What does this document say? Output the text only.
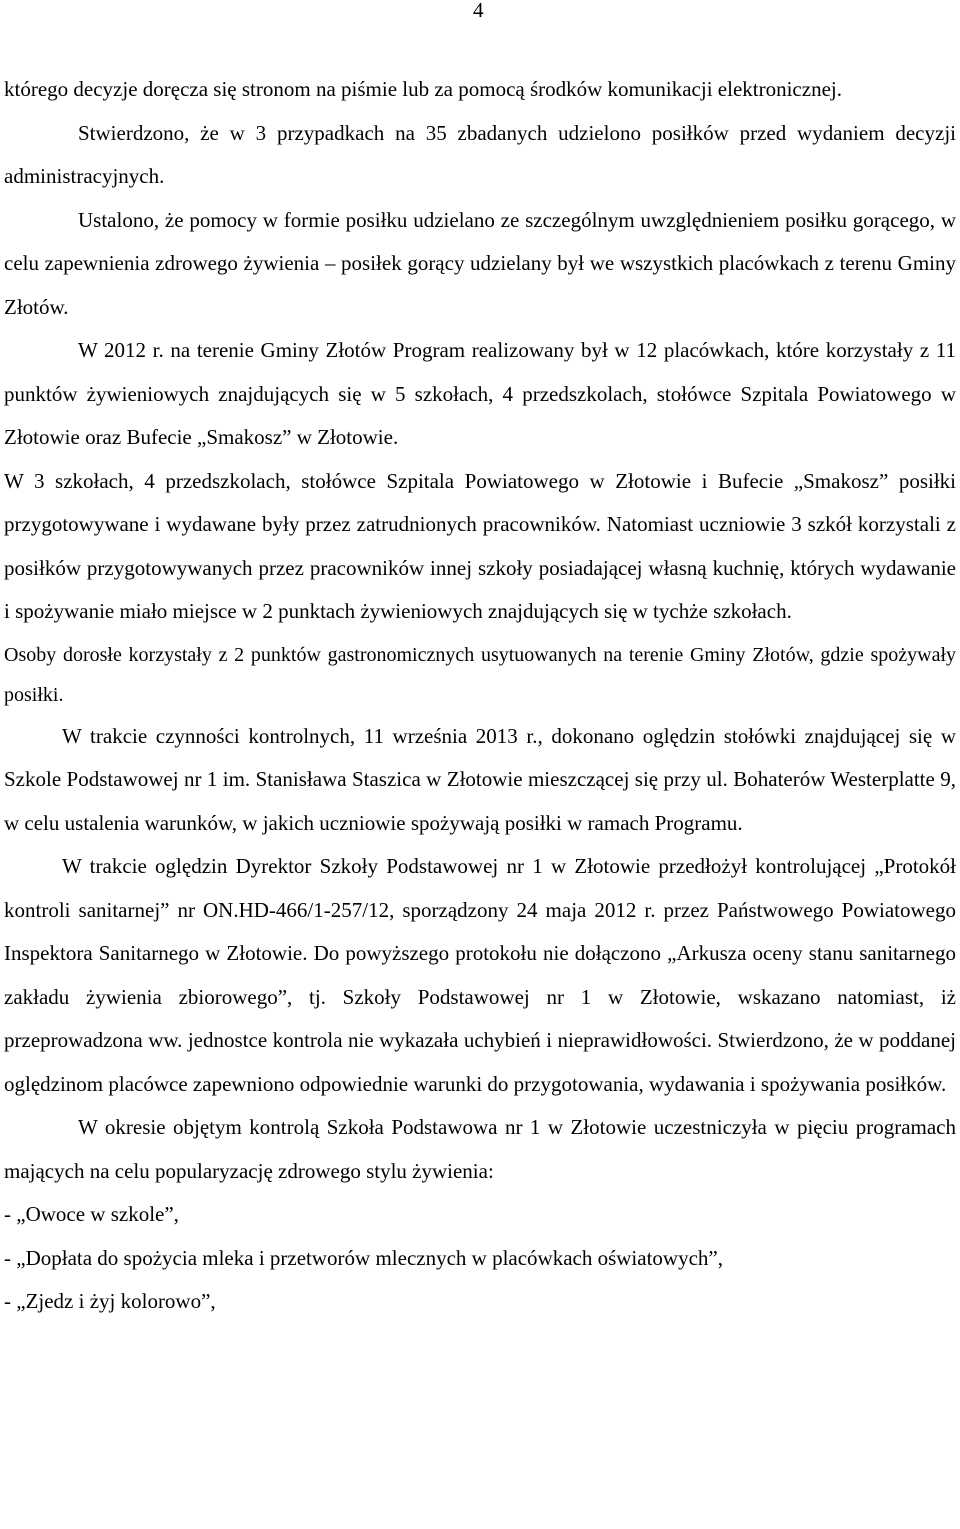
4

którego decyzje doręcza się stronom na piśmie lub za pomocą środków komunikacji elektronicznej.

Stwierdzono, że w 3 przypadkach na 35 zbadanych udzielono posiłków przed wydaniem decyzji administracyjnych.

Ustalono, że pomocy w formie posiłku udzielano ze szczególnym uwzględnieniem posiłku gorącego, w celu zapewnienia zdrowego żywienia – posiłek gorący udzielany był we wszystkich placówkach z terenu Gminy Złotów.

W 2012 r. na terenie Gminy Złotów Program realizowany był w 12 placówkach, które korzystały z 11 punktów żywieniowych znajdujących się w 5 szkołach, 4 przedszkolach, stołówce Szpitala Powiatowego w Złotowie oraz Bufecie „Smakosz” w Złotowie.

W 3 szkołach, 4 przedszkolach, stołówce Szpitala Powiatowego w Złotowie i Bufecie „Smakosz” posiłki przygotowywane i wydawane były przez zatrudnionych pracowników. Natomiast uczniowie 3 szkół korzystali z posiłków przygotowywanych przez pracowników innej szkoły posiadającej własną kuchnię, których wydawanie i spożywanie miało miejsce w 2 punktach żywieniowych znajdujących się w tychże szkołach.

Osoby dorosłe korzystały z 2 punktów gastronomicznych usytuowanych na terenie Gminy Złotów, gdzie spożywały posiłki.

W trakcie czynności kontrolnych, 11 września 2013 r., dokonano oględzin stołówki znajdującej się w Szkole Podstawowej nr 1 im. Stanisława Staszica w Złotowie mieszczącej się przy ul. Bohaterów Westerplatte 9, w celu ustalenia warunków, w jakich uczniowie spożywają posiłki w ramach Programu.

W trakcie oględzin Dyrektor Szkoły Podstawowej nr 1 w Złotowie przedłożył kontrolującej „Protokół kontroli sanitarnej” nr ON.HD-466/1-257/12, sporządzony 24 maja 2012 r. przez Państwowego Powiatowego Inspektora Sanitarnego w Złotowie. Do powyższego protokołu nie dołączono „Arkusza oceny stanu sanitarnego zakładu żywienia zbiorowego”, tj. Szkoły Podstawowej nr 1 w Złotowie, wskazano natomiast, iż przeprowadzona ww. jednostce kontrola nie wykazała uchybień i nieprawidłowości. Stwierdzono, że w poddanej oględzinom placówce zapewniono odpowiednie warunki do przygotowania, wydawania i spożywania posiłków.

W okresie objętym kontrolą Szkoła Podstawowa nr 1 w Złotowie uczestniczyła w pięciu programach mających na celu popularyzację zdrowego stylu żywienia:

- „Owoce w szkole”,
- „Dopłata do spożycia mleka i przetworów mlecznych w placówkach oświatowych”,
- „Zjedz i żyj kolorowo”,
